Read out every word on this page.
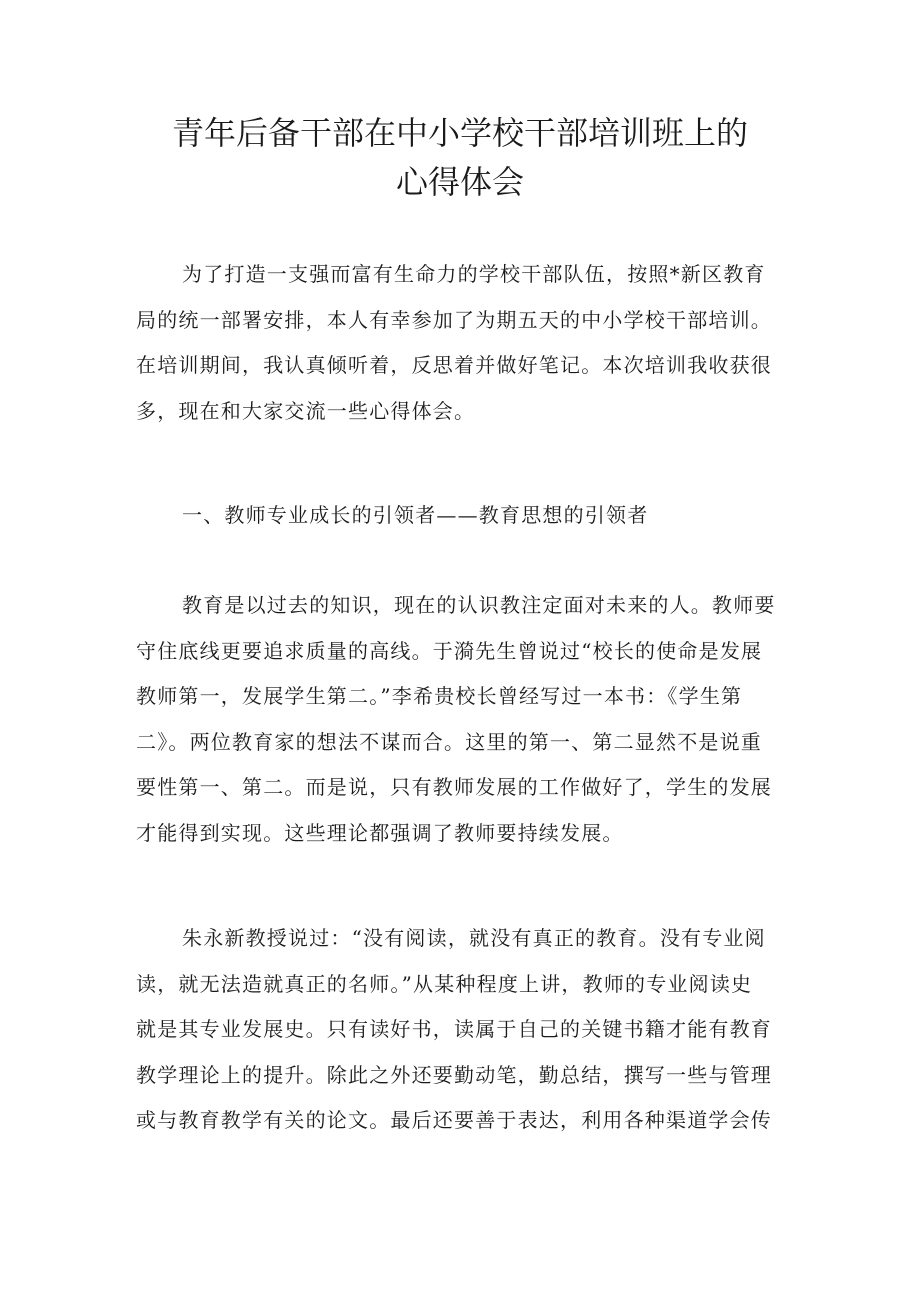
青年后备干部在中小学校干部培训班上的
心得体会
为了打造一支强而富有生命力的学校干部队伍，按照*新区教育
局的统一部署安排，本人有幸参加了为期五天的中小学校干部培训。
在培训期间，我认真倾听着，反思着并做好笔记。本次培训我收获很
多，现在和大家交流一些心得体会。
一、教师专业成长的引领者——教育思想的引领者
教育是以过去的知识，现在的认识教注定面对未来的人。教师要
守住底线更要追求质量的高线。于漪先生曾说过“校长的使命是发展
教师第一，发展学生第二。”李希贵校长曾经写过一本书：《学生第
二》。两位教育家的想法不谋而合。这里的第一、第二显然不是说重
要性第一、第二。而是说，只有教师发展的工作做好了，学生的发展
才能得到实现。这些理论都强调了教师要持续发展。
朱永新教授说过：“没有阅读，就没有真正的教育。没有专业阅
读，就无法造就真正的名师。”从某种程度上讲，教师的专业阅读史
就是其专业发展史。只有读好书，读属于自己的关键书籍才能有教育
教学理论上的提升。除此之外还要勤动笔，勤总结，撰写一些与管理
或与教育教学有关的论文。最后还要善于表达，利用各种渠道学会传
